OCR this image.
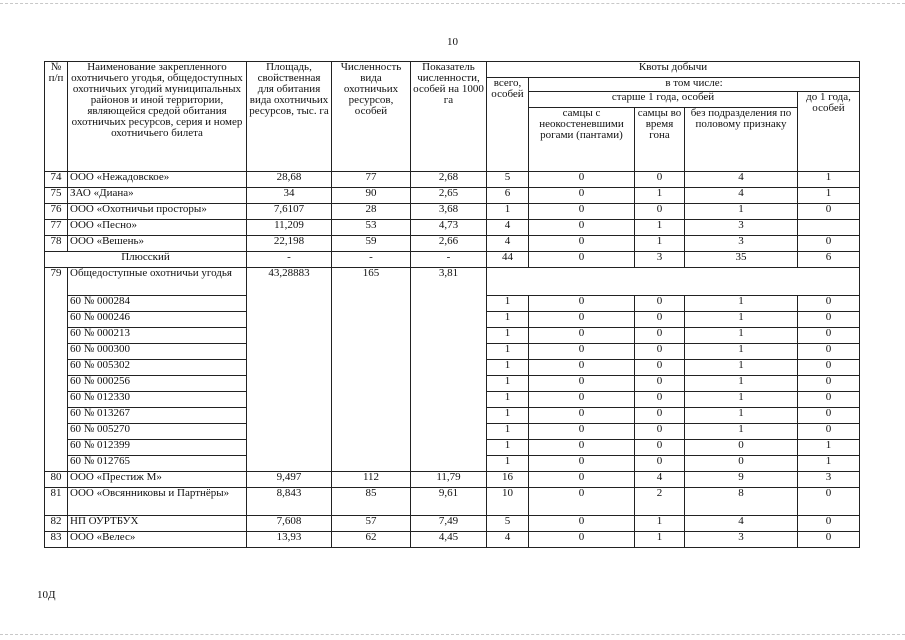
10
№ п/п	Наименование закрепленного охотничьего угодья, общедоступных охотничьих угодий муниципальных районов и иной территории, являющейся средой обитания охотничьих ресурсов, серия и номер охотничьего билета	Площадь, свойственная для обитания вида охотничьих ресурсов, тыс. га	Численность вида охотничьих ресурсов, особей	Показатель численности, особей на 1000 га	Квоты добычи				
					всего, особей	в том числе:			
						старше 1 года, особей			до 1 года, особей
						самцы с неокостеневшими рогами (пантами)	самцы во время гона	без подразделения по половому признаку	
74	ООО «Нежадовское»	28,68	77	2,68	5	0	0	4	1
75	ЗАО «Диана»	34	90	2,65	6	0	1	4	1
76	ООО «Охотничьи просторы»	7,6107	28	3,68	1	0	0	1	0
77	ООО «Песно»	11,209	53	4,73	4	0	1	3	
78	ООО «Вешень»	22,198	59	2,66	4	0	1	3	0
Плюсский		-	-	-	44	0	3	35	6
79	Общедоступные охотничьи угодья	43,28883	165	3,81					
	60 № 000284				1	0	0	1	0
	60 № 000246				1	0	0	1	0
	60 № 000213				1	0	0	1	0
	60 № 000300				1	0	0	1	0
	60 № 005302				1	0	0	1	0
	60 № 000256				1	0	0	1	0
	60 № 012330				1	0	0	1	0
	60 № 013267				1	0	0	1	0
	60 № 005270				1	0	0	1	0
	60 № 012399				1	0	0	0	1
	60 № 012765				1	0	0	0	1
80	ООО «Престиж М»	9,497	112	11,79	16	0	4	9	3
81	ООО «Овсянниковы и Партнёры»	8,843	85	9,61	10	0	2	8	0
82	НП ОУРТБУХ	7,608	57	7,49	5	0	1	4	0
83	ООО «Велес»	13,93	62	4,45	4	0	1	3	0
10Д
